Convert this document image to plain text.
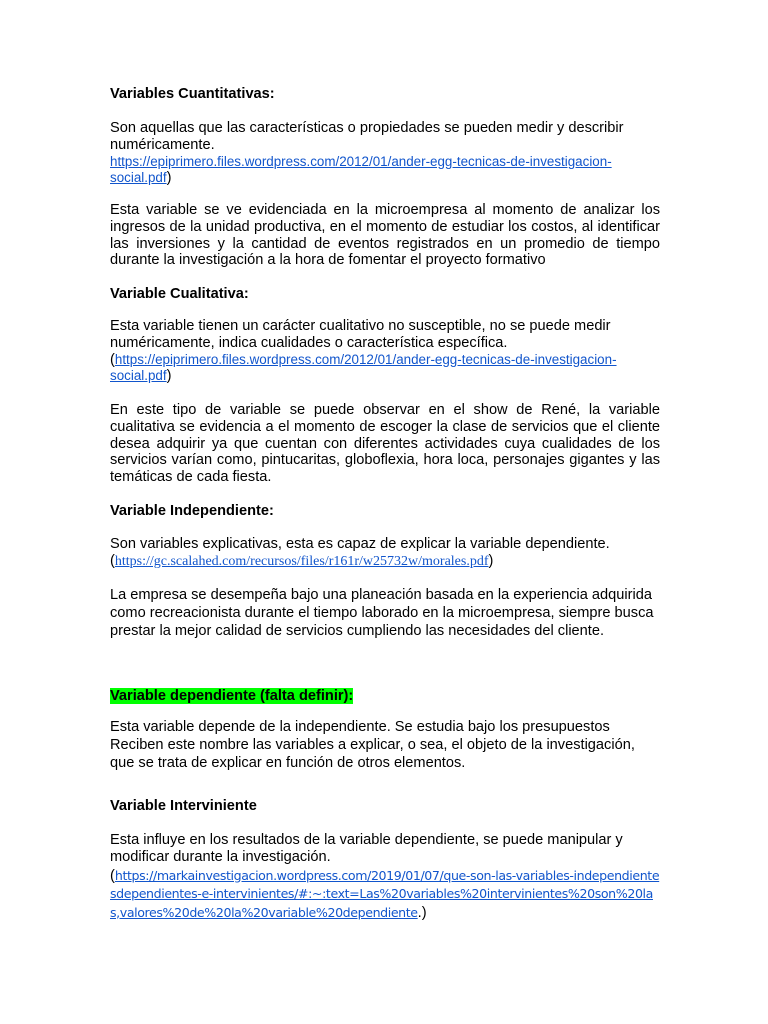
Variables Cuantitativas:

Son aquellas que las características o propiedades se pueden medir y describir numéricamente.
https://epiprimero.files.wordpress.com/2012/01/ander-egg-tecnicas-de-investigacion-social.pdf)

Esta variable se ve evidenciada en la microempresa al momento de analizar los ingresos de la unidad productiva, en el momento de estudiar los costos, al identificar las inversiones y la cantidad de eventos registrados en un promedio de tiempo durante la investigación a la hora de fomentar el proyecto formativo

Variable Cualitativa:

Esta variable tienen un carácter cualitativo no susceptible, no se puede medir numéricamente, indica cualidades o característica específica.
(https://epiprimero.files.wordpress.com/2012/01/ander-egg-tecnicas-de-investigacion-social.pdf)

En este tipo de variable se puede observar en el show de René, la variable cualitativa se evidencia a el momento de escoger la clase de servicios que el cliente desea adquirir ya que cuentan con diferentes actividades cuya cualidades de los servicios varían como, pintucaritas, globoflexia, hora loca, personajes gigantes y las temáticas de cada fiesta.

Variable Independiente:

Son variables explicativas, esta es capaz de explicar la variable dependiente.
(https://gc.scalahed.com/recursos/files/r161r/w25732w/morales.pdf)

La empresa se desempeña bajo una planeación basada en la experiencia adquirida como recreacionista durante el tiempo laborado en la microempresa, siempre busca prestar la mejor calidad de servicios cumpliendo las necesidades del cliente.

Variable dependiente (falta definir):

Esta variable depende de la independiente. Se estudia bajo los presupuestos Reciben este nombre las variables a explicar, o sea, el objeto de la investigación, que se trata de explicar en función de otros elementos.

Variable Interviniente

Esta influye en los resultados de la variable dependiente, se puede manipular y modificar durante la investigación.
(https://markainvestigacion.wordpress.com/2019/01/07/que-son-las-variables-independientesdependientes-e-intervinientes/#:~:text=Las%20variables%20intervinientes%20son%20las,valores%20de%20la%20variable%20dependiente.)
